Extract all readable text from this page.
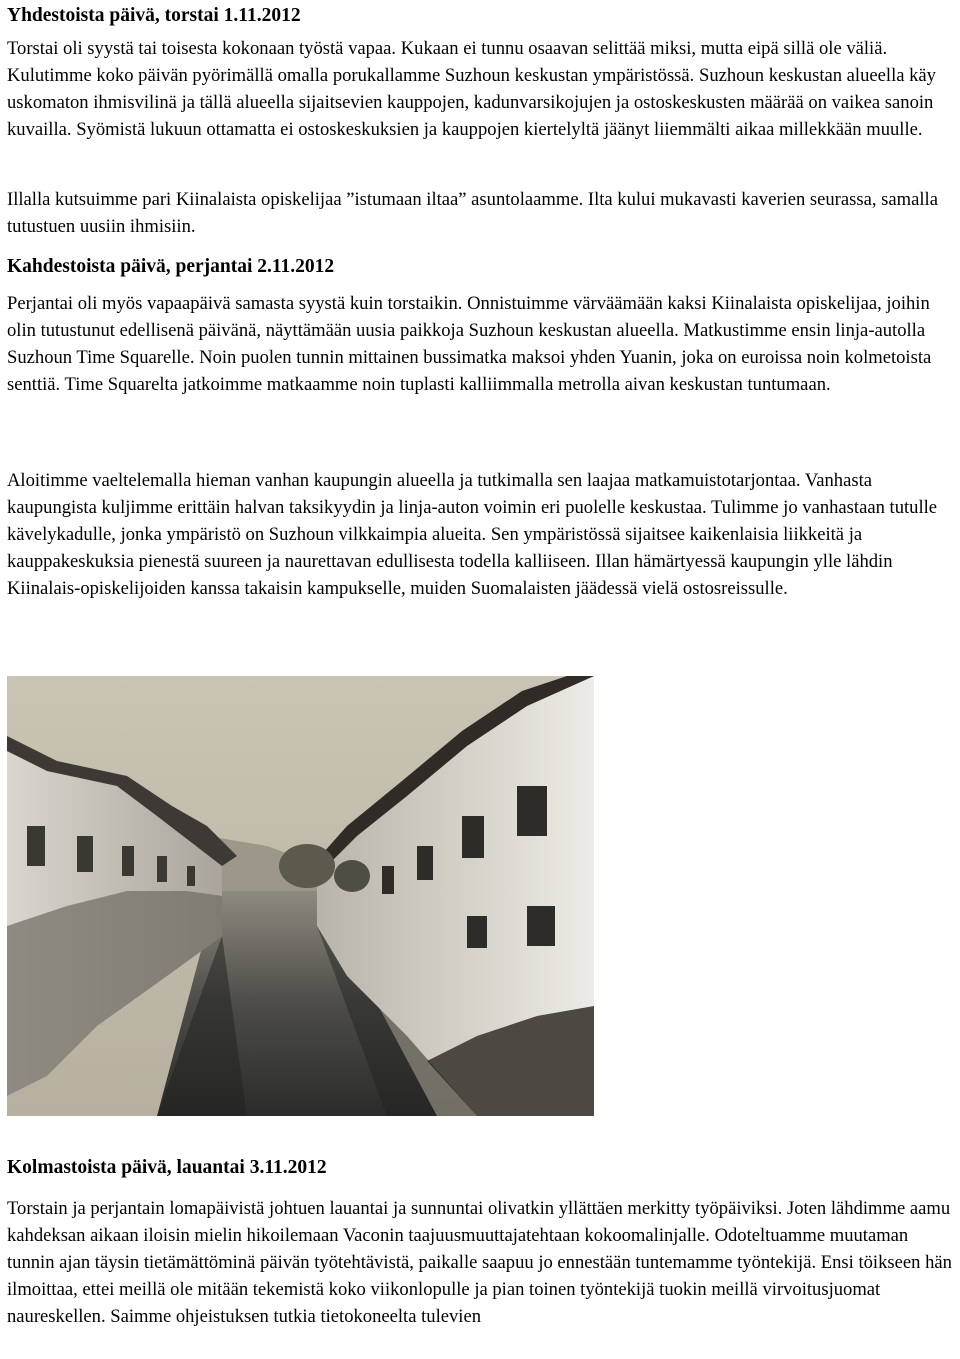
Yhdestoista päivä, torstai 1.11.2012

Torstai oli syystä tai toisesta kokonaan työstä vapaa. Kukaan ei tunnu osaavan selittää miksi, mutta eipä sillä ole väliä. Kulutimme koko päivän pyörimällä omalla porukallamme Suzhoun keskustan ympäristössä. Suzhoun keskustan alueella käy uskomaton ihmisvilinä ja tällä alueella sijaitsevien kauppojen, kadunvarsikojujen ja ostoskeskusten määrää on vaikea sanoin kuvailla. Syömistä lukuun ottamatta ei ostoskeskuksien ja kauppojen kiertelyltä jäänyt liiemmälti aikaa millekkään muulle.

Illalla kutsuimme pari Kiinalaista opiskelijaa ”istumaan iltaa” asuntolaamme. Ilta kului mukavasti kaverien seurassa, samalla tutustuen uusiin ihmisiin.

Kahdestoista päivä, perjantai 2.11.2012

Perjantai oli myös vapaapäivä samasta syystä kuin torstaikin. Onnistuimme värväämään kaksi Kiinalaista opiskelijaa, joihin olin tutustunut edellisenä päivänä, näyttämään uusia paikkoja Suzhoun keskustan alueella. Matkustimme ensin linja-autolla Suzhoun Time Squarelle. Noin puolen tunnin mittainen bussimatka maksoi yhden Yuanin, joka on euroissa noin kolmetoista senttiä. Time Squarelta jatkoimme matkaamme noin tuplasti kalliimmalla metrolla aivan keskustan tuntumaan.

Aloitimme vaeltelemalla hieman vanhan kaupungin alueella ja tutkimalla sen laajaa matkamuistotarjontaa. Vanhasta kaupungista kuljimme erittäin halvan taksikyydin ja linja-auton voimin eri puolelle keskustaa. Tulimme jo vanhastaan tutulle kävelykadulle, jonka ympäristö on Suzhoun vilkkaimpia alueita. Sen ympäristössä sijaitsee kaikenlaisia liikkeitä ja kauppakeskuksia pienestä suureen ja naurettavan edullisesta todella kalliiseen. Illan hämärtyessä kaupungin ylle lähdin Kiinalais-opiskelijoiden kanssa takaisin kampukselle, muiden Suomalaisten jäädessä vielä ostosreissulle.

Kolmastoista päivä, lauantai 3.11.2012

Torstain ja perjantain lomapäivistä johtuen lauantai ja sunnuntai olivatkin yllättäen merkitty työpäiviksi. Joten lähdimme aamu kahdeksan aikaan iloisin mielin hikoilemaan Vaconin taajuusmuuttajatehtaan kokoomalinjalle. Odoteltuamme muutaman tunnin ajan täysin tietämättöminä päivän työtehtävistä, paikalle saapuu jo ennestään tuntemamme työntekijä. Ensi töikseen hän ilmoittaa, ettei meillä ole mitään tekemistä koko viikonlopulle ja pian toinen työntekijä tuokin meillä virvoitusjuomat naureskellen. Saimme ohjeistuksen tutkia tietokoneelta tulevien
